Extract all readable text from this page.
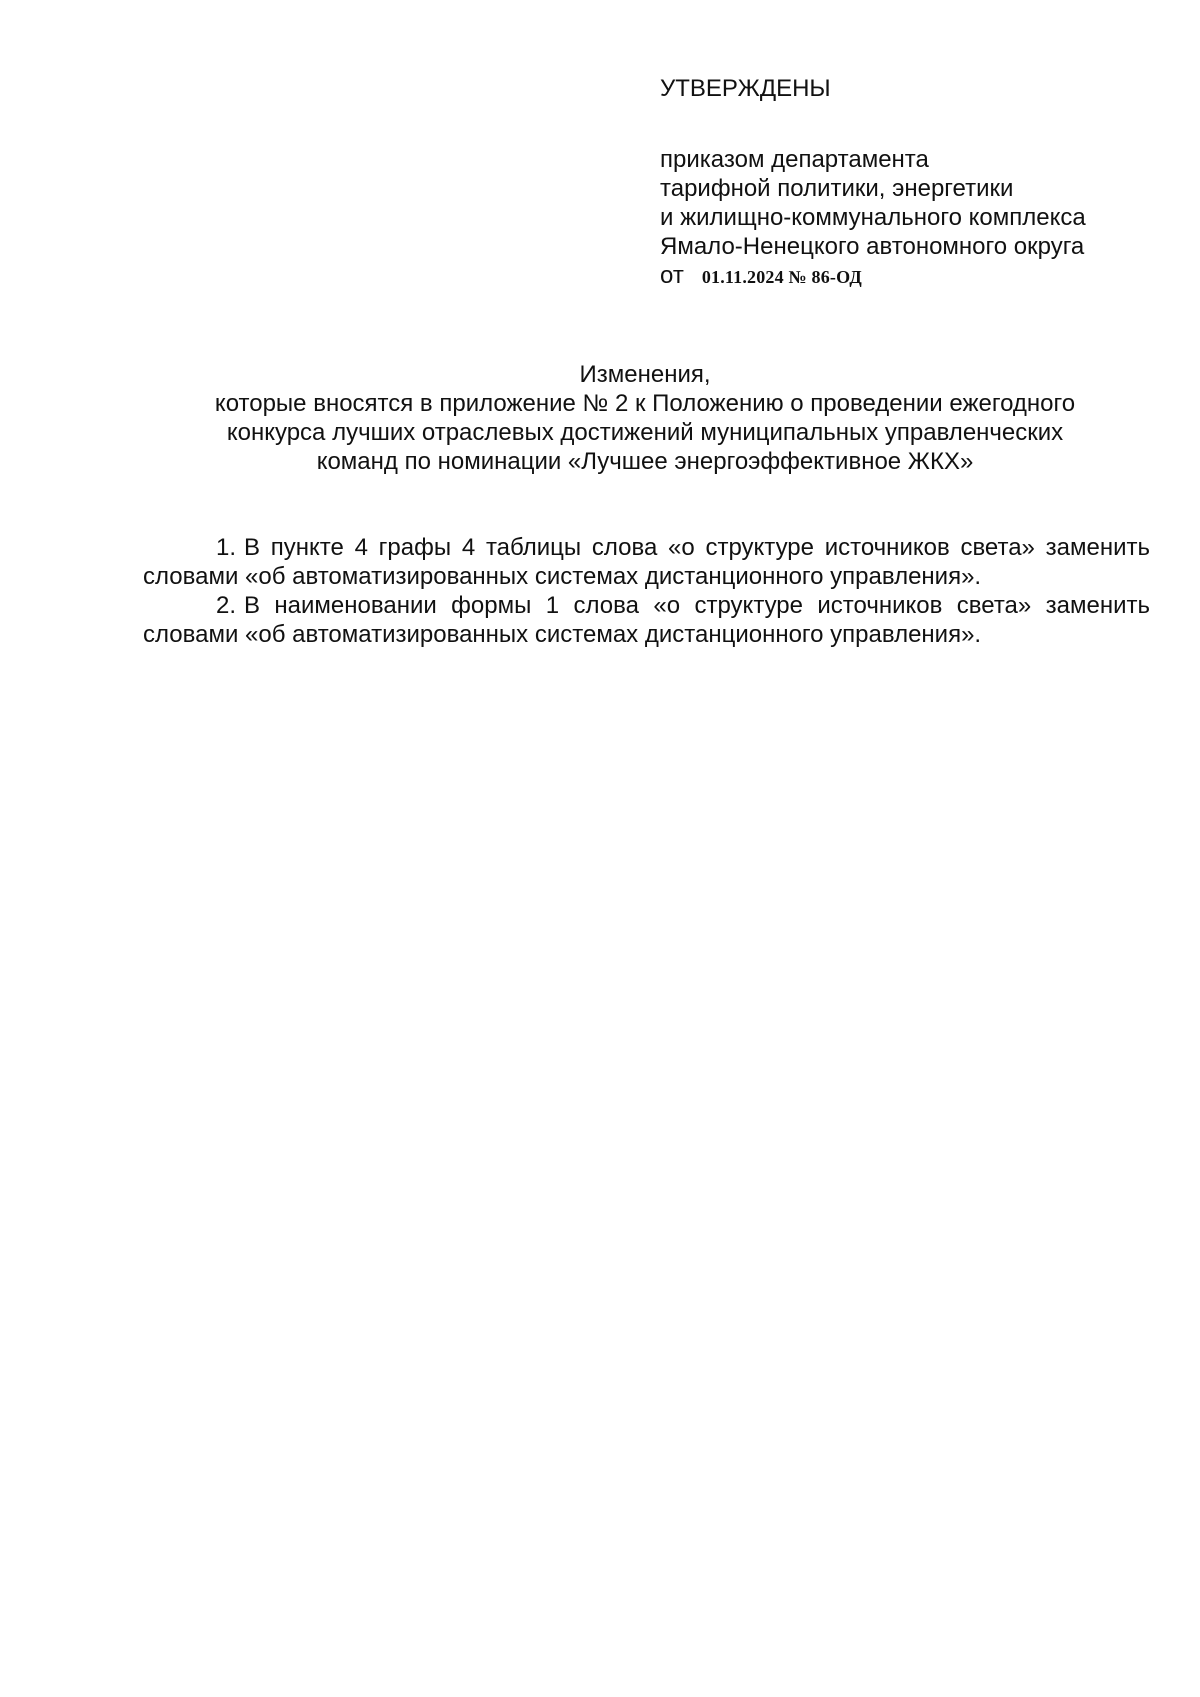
УТВЕРЖДЕНЫ
приказом департамента
тарифной политики, энергетики
и жилищно-коммунального комплекса
Ямало-Ненецкого автономного округа
от 01.11.2024 № 86-ОД
Изменения,
которые вносятся в приложение № 2 к Положению о проведении ежегодного
конкурса лучших отраслевых достижений муниципальных управленческих
команд по номинации «Лучшее энергоэффективное ЖКХ»

1. В пункте 4 графы 4 таблицы слова «о структуре источников света» заменить словами «об автоматизированных системах дистанционного управления».

2. В наименовании формы 1 слова «о структуре источников света» заменить словами «об автоматизированных системах дистанционного управления».
